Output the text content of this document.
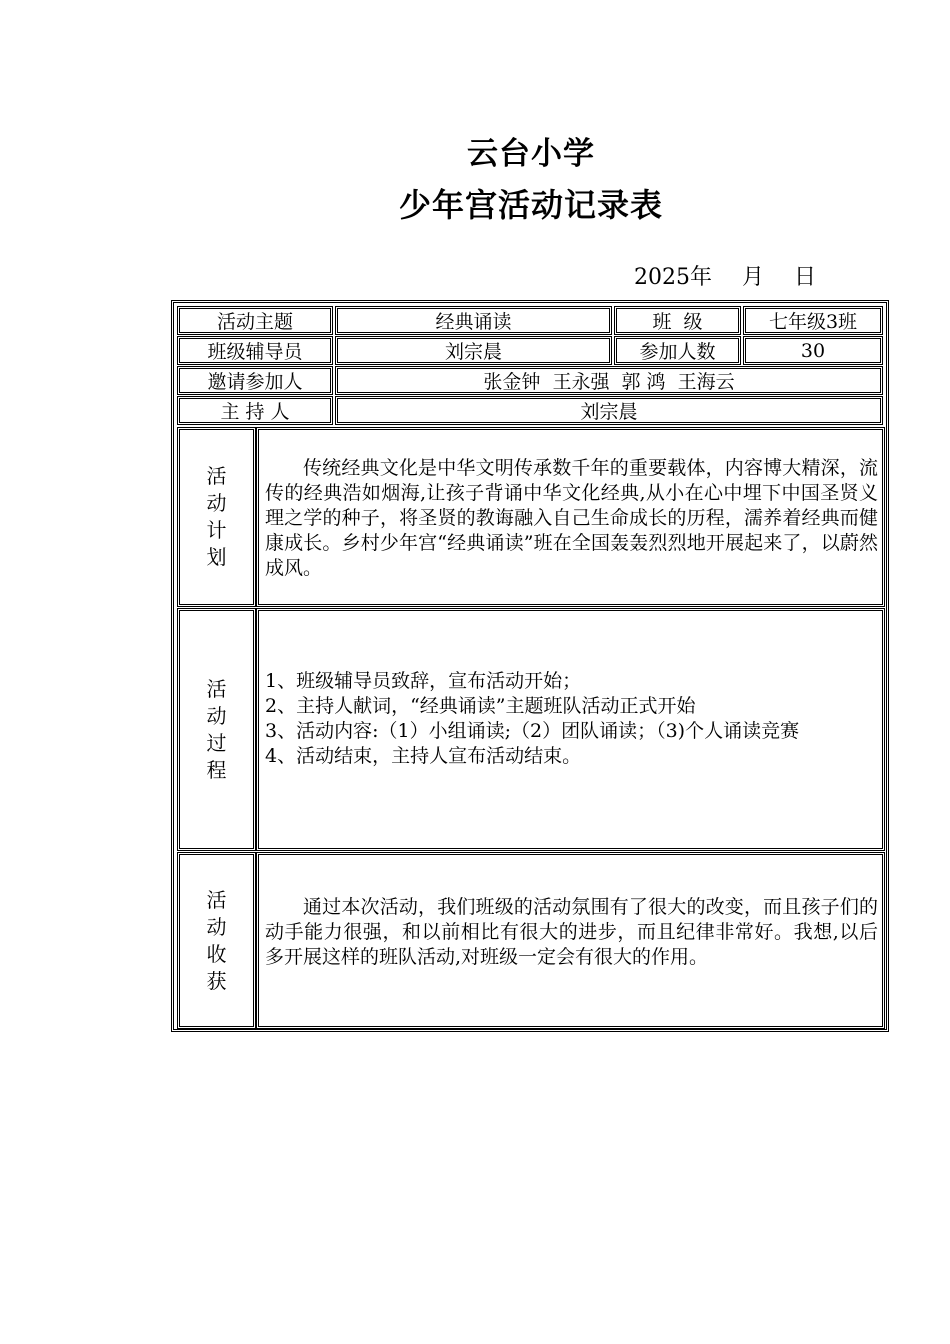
云台小学
少年宫活动记录表
2025年 月 日
活动主题	经典诵读	班  级	七年级3班
班级辅导员	刘宗晨	参加人数	30
邀请参加人	张金钟  王永强  郭 鸿  王海云
主 持 人	刘宗晨
活动计划

传统经典文化是中华文明传承数千年的重要载体，内容博大精深，流传的经典浩如烟海,让孩子背诵中华文化经典,从小在心中埋下中国圣贤义理之学的种子，将圣贤的教诲融入自己生命成长的历程，濡养着经典而健康成长。乡村少年宫“经典诵读”班在全国轰轰烈烈地开展起来了，以蔚然成风。

活动过程

1、班级辅导员致辞，宣布活动开始；

2、主持人献词，“经典诵读”主题班队活动正式开始

3、活动内容:（1）小组诵读;（2）团队诵读；（3)个人诵读竞赛

4、活动结束，主持人宣布活动结束。

活动收获

通过本次活动，我们班级的活动氛围有了很大的改变，而且孩子们的动手能力很强，和以前相比有很大的进步，而且纪律非常好。我想,以后多开展这样的班队活动,对班级一定会有很大的作用。
